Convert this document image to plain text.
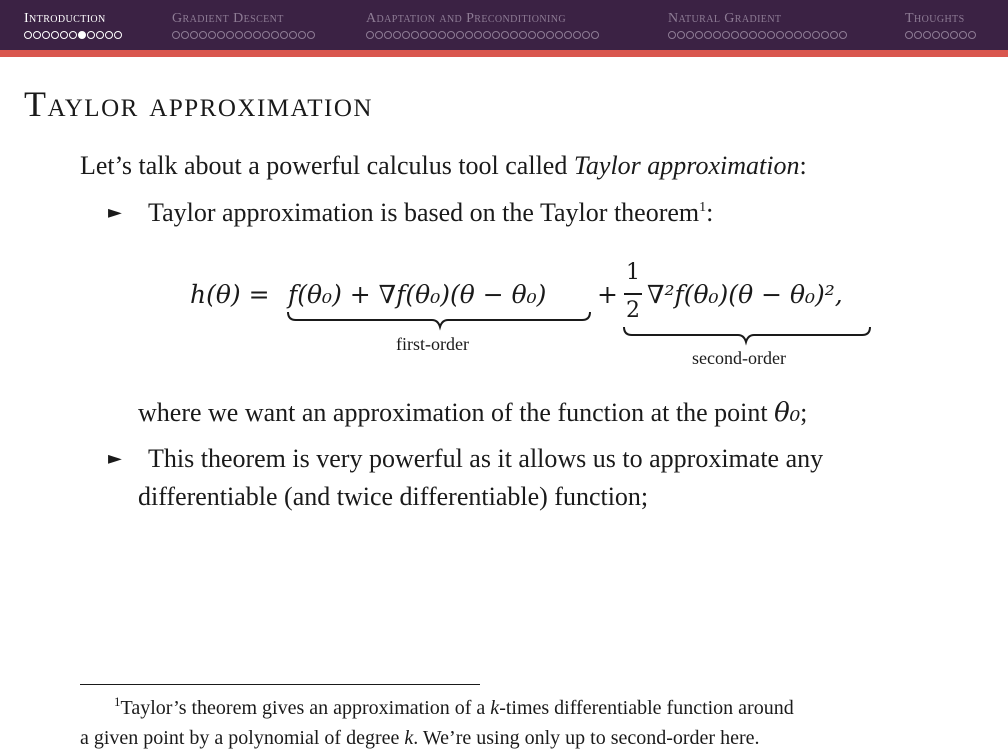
Introduction	Gradient Descent	Adaptation and Preconditioning	Natural Gradient	Thoughts
Taylor approximation
Let’s talk about a powerful calculus tool called Taylor approximation:
► Taylor approximation is based on the Taylor theorem$^1$:
h(θ) = f(θ₀) + ∇f(θ₀)(θ − θ₀) +
1
2
∇²f(θ₀)(θ − θ₀)²,
first-order
second-order
where we want an approximation of the function at the point θ₀;
► This theorem is very powerful as it allows us to approximate any
differentiable (and twice differentiable) function;
$^1$Taylor’s theorem gives an approximation of a k-times differentiable function around
a given point by a polynomial of degree k. We’re using only up to second-order here.
